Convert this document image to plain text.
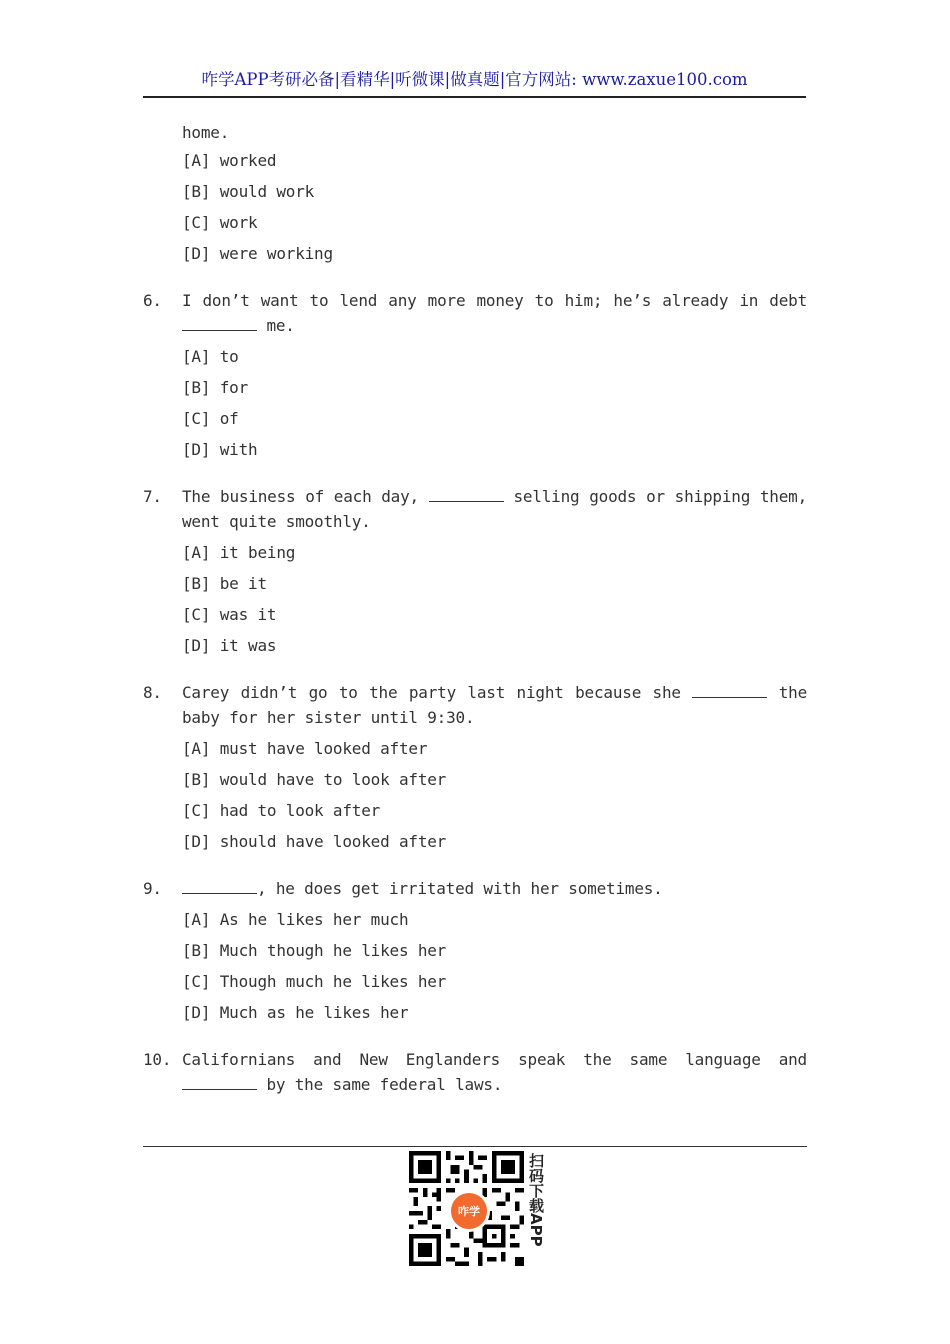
咋学APP考研必备|看精华|听微课|做真题|官方网站: www.zaxue100.com
home.
[A] worked
[B] would work
[C] work
[D] were working
6.	I don’t want to lend any more money to him; he’s already in debt
me.
[A] to
[B] for
[C] of
[D] with
7.	The business of each day,	selling goods or shipping them,
went quite smoothly.
[A] it being
[B] be it
[C] was it
[D] it was
8.	Carey didn’t go to the party last night because she	the
baby for her sister until 9:30.
[A] must have looked after
[B] would have to look after
[C] had to look after
[D] should have looked after
9.	, he does get irritated with her sometimes.
[A] As he likes her much
[B] Much though he likes her
[C] Though much he likes her
[D] Much as he likes her
10. Californians and New Englanders speak the same language and
by the same federal laws.
咋学	扫码下载APP
